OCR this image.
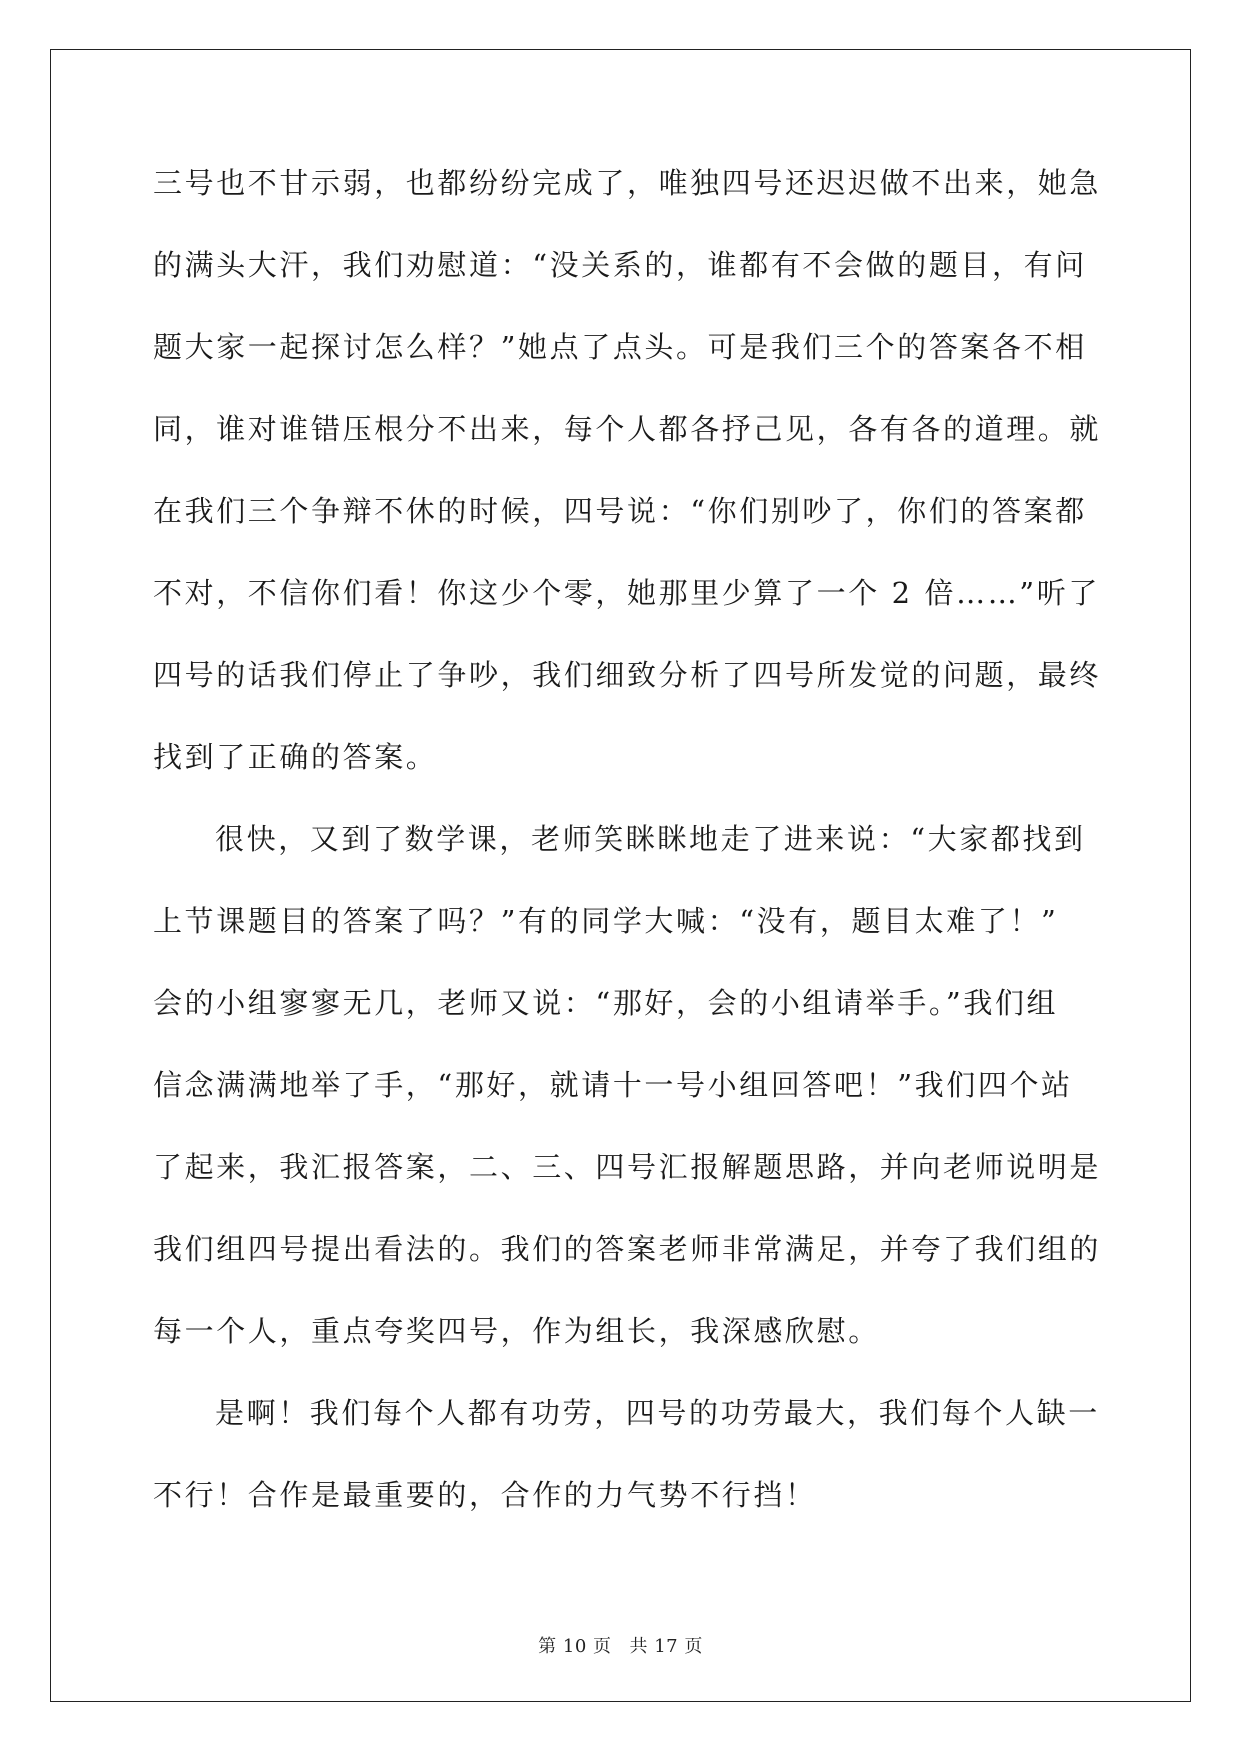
三号也不甘示弱，也都纷纷完成了，唯独四号还迟迟做不出来，她急
的满头大汗，我们劝慰道：“没关系的，谁都有不会做的题目，有问
题大家一起探讨怎么样？”她点了点头。可是我们三个的答案各不相
同，谁对谁错压根分不出来，每个人都各抒己见，各有各的道理。就
在我们三个争辩不休的时候，四号说：“你们别吵了，你们的答案都
不对，不信你们看！你这少个零，她那里少算了一个 2 倍……”听了
四号的话我们停止了争吵，我们细致分析了四号所发觉的问题，最终
找到了正确的答案。
很快，又到了数学课，老师笑眯眯地走了进来说：“大家都找到
上节课题目的答案了吗？”有的同学大喊：“没有，题目太难了！”
会的小组寥寥无几，老师又说：“那好，会的小组请举手。”我们组
信念满满地举了手，“那好，就请十一号小组回答吧！”我们四个站
了起来，我汇报答案，二、三、四号汇报解题思路，并向老师说明是
我们组四号提出看法的。我们的答案老师非常满足，并夸了我们组的
每一个人，重点夸奖四号，作为组长，我深感欣慰。
是啊！我们每个人都有功劳，四号的功劳最大，我们每个人缺一
不行！合作是最重要的，合作的力气势不行挡！
第 10 页 共 17 页
